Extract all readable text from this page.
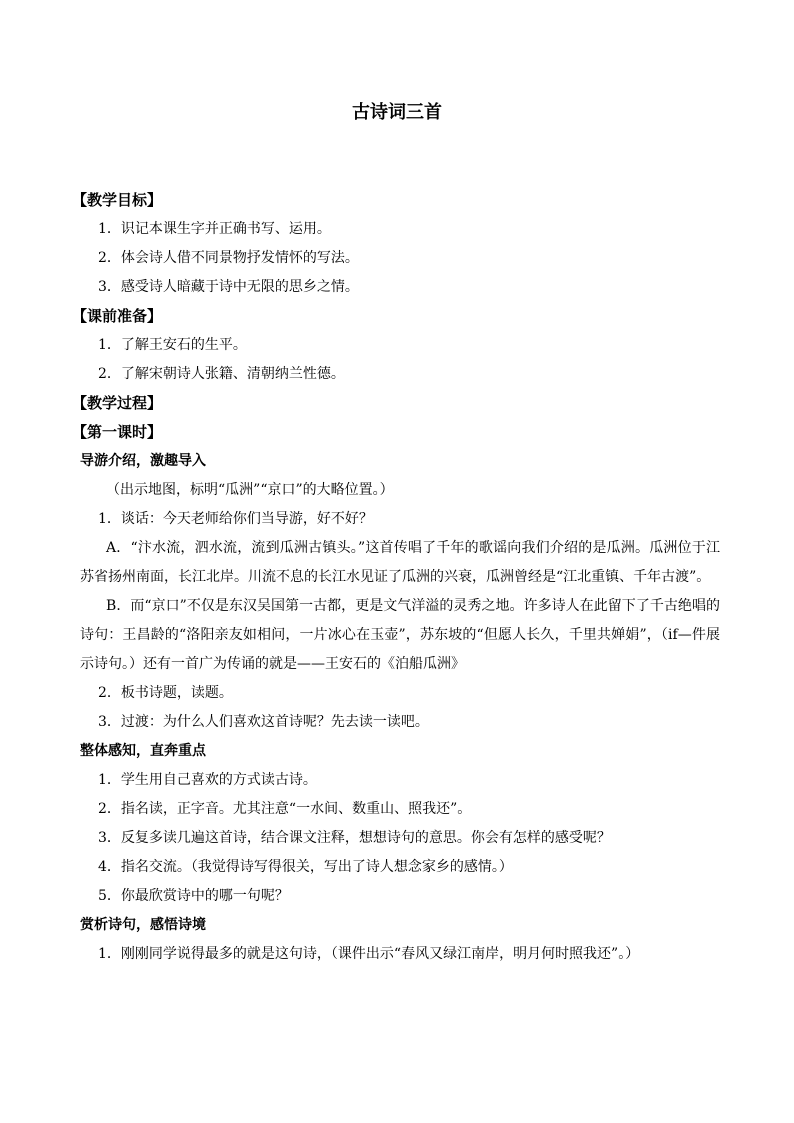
古诗词三首
【教学目标】
1．识记本课生字并正确书写、运用。
2．体会诗人借不同景物抒发情怀的写法。
3．感受诗人暗藏于诗中无限的思乡之情。
【课前准备】
1．了解王安石的生平。
2．了解宋朝诗人张籍、清朝纳兰性德。
【教学过程】
【第一课时】
导游介绍，激趣导入
（出示地图，标明“瓜洲”“京口”的大略位置。）
1．谈话：今天老师给你们当导游，好不好？
A．“汴水流，泗水流，流到瓜洲古镇头。”这首传唱了千年的歌谣向我们介绍的是瓜洲。瓜洲位于江苏省扬州南面，长江北岸。川流不息的长江水见证了瓜洲的兴衰，瓜洲曾经是“江北重镇、千年古渡”。
B．而“京口”不仅是东汉吴国第一古都，更是文气洋溢的灵秀之地。许多诗人在此留下了千古绝唱的诗句：王昌龄的“洛阳亲友如相问，一片冰心在玉壶”，苏东坡的“但愿人长久，千里共婵娟”，（if—件展示诗句。）还有一首广为传诵的就是——王安石的《泊船瓜洲》
2．板书诗题，读题。
3．过渡：为什么人们喜欢这首诗呢？先去读一读吧。
整体感知，直奔重点
1．学生用自己喜欢的方式读古诗。
2．指名读，正字音。尤其注意“一水间、数重山、照我还”。
3．反复多读几遍这首诗，结合课文注释，想想诗句的意思。你会有怎样的感受呢？
4．指名交流。（我觉得诗写得很关，写出了诗人想念家乡的感情。）
5．你最欣赏诗中的哪一句呢？
赏析诗句，感悟诗境
1．刚刚同学说得最多的就是这句诗，（课件出示“春风又绿江南岸，明月何时照我还”。）
